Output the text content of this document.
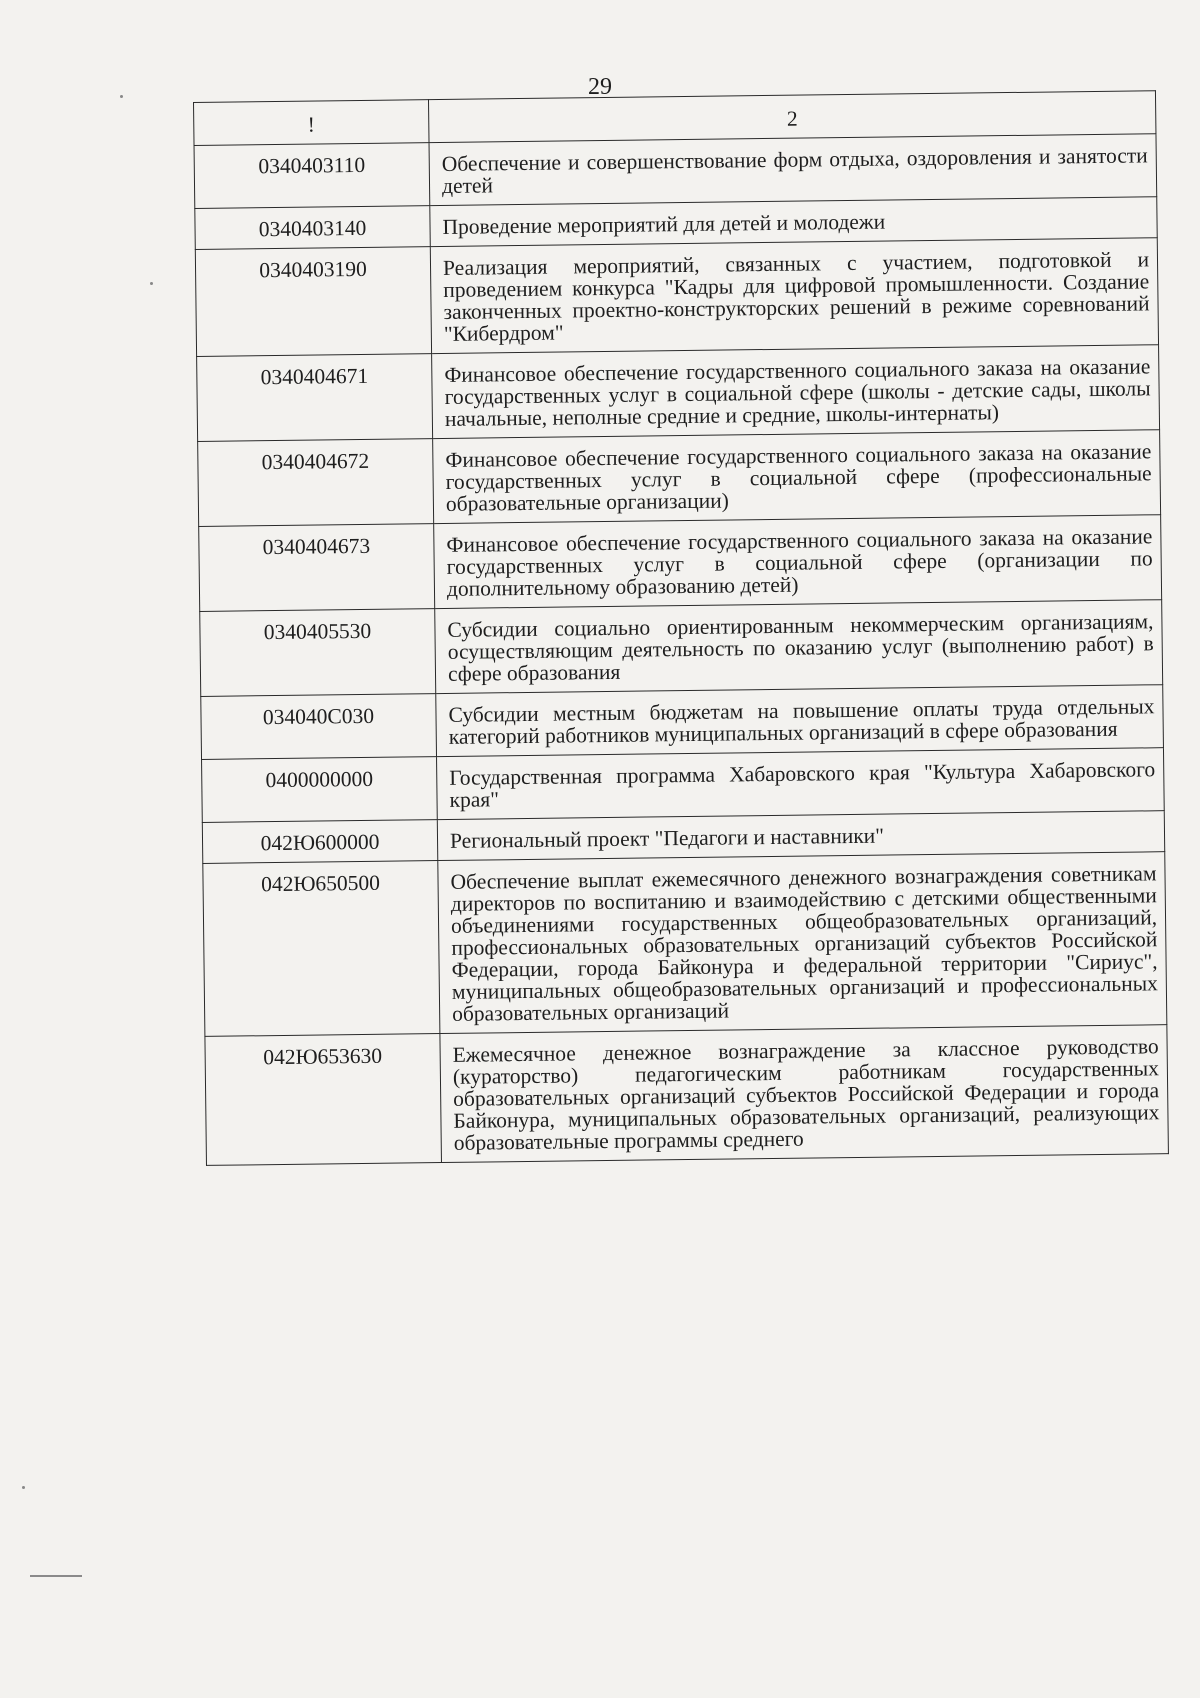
29
!	2
0340403110	Обеспечение и совершенствование форм отдыха, оздоровления и занятости детей
0340403140	Проведение мероприятий для детей и молодежи
0340403190	Реализация мероприятий, связанных с участием, подготовкой и проведением конкурса "Кадры для цифровой промышленности. Создание законченных проектно-конструкторских решений в режиме соревнований "Кибердром"
0340404671	Финансовое обеспечение государственного социального заказа на оказание государственных услуг в социальной сфере (школы - детские сады, школы начальные, неполные средние и средние, школы-интернаты)
0340404672	Финансовое обеспечение государственного социального заказа на оказание государственных услуг в социальной сфере (профессиональные образовательные организации)
0340404673	Финансовое обеспечение государственного социального заказа на оказание государственных услуг в социальной сфере (организации по дополнительному образованию детей)
0340405530	Субсидии социально ориентированным некоммерческим организациям, осуществляющим деятельность по оказанию услуг (выполнению работ) в сфере образования
034040С030	Субсидии местным бюджетам на повышение оплаты труда отдельных категорий работников муниципальных организаций в сфере образования
0400000000	Государственная программа Хабаровского края "Культура Хабаровского края"
042Ю600000	Региональный проект "Педагоги и наставники"
042Ю650500	Обеспечение выплат ежемесячного денежного вознаграждения советникам директоров по воспитанию и взаимодействию с детскими общественными объединениями государственных общеобразовательных организаций, профессиональных образовательных организаций субъектов Российской Федерации, города Байконура и федеральной территории "Сириус", муниципальных общеобразовательных организаций и профессиональных образовательных организаций
042Ю653630	Ежемесячное денежное вознаграждение за классное руководство (кураторство) педагогическим работникам государственных образовательных организаций субъектов Российской Федерации и города Байконура, муниципальных образовательных организаций, реализующих образовательные программы среднего
